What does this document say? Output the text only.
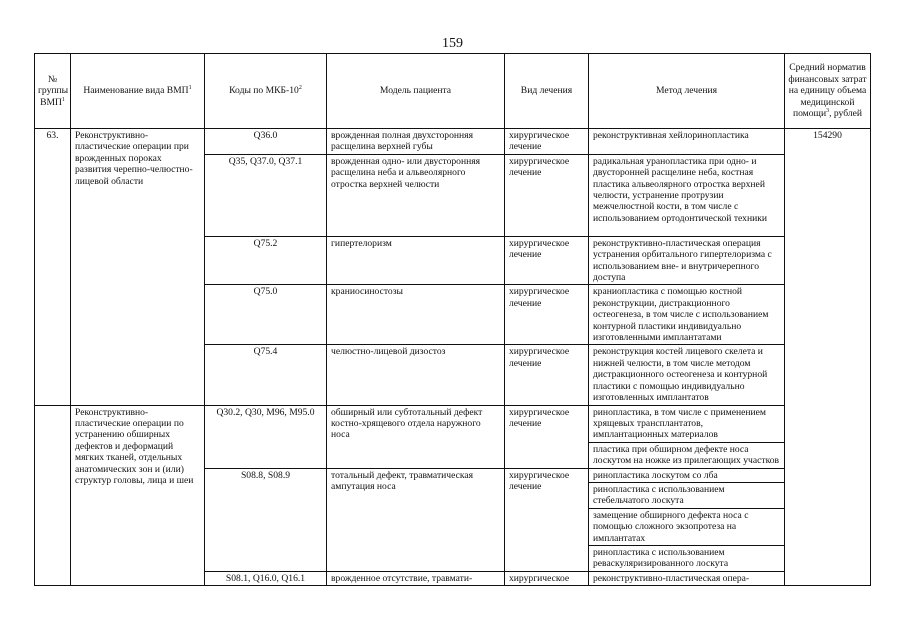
159
№ группы ВМП$^1$	Наименование вида ВМП$^1$	Коды по МКБ-$10^2$	Модель пациента	Вид лечения	Метод лечения	Средний норматив финансовых затрат на единицу объема медицинской помощи$^3$, рублей
63.	Реконструктивно-пластические операции при врожденных пороках развития черепно-челюстно-лицевой области	Q36.0	врожденная полная двухсторонняя расщелина верхней губы	хирургическое лечение	реконструктивная хейлоринопластика	154290
		Q35, Q37.0, Q37.1	врожденная одно- или двусторонняя расщелина неба и альвеолярного отростка верхней челюсти	хирургическое лечение	радикальная уранопластика при одно- и двусторонней расщелине неба, костная пластика альвеолярного отростка верхней челюсти, устранение протрузии межчелюстной кости, в том числе с использованием ортодонтической техники	
		Q75.2	гипертелоризм	хирургическое лечение	реконструктивно-пластическая операция устранения орбитального гипертелоризма с использованием вне- и внутричерепного доступа	
		Q75.0	краниосиностозы	хирургическое лечение	краниопластика с помощью костной реконструкции, дистракционного остеогенеза, в том числе с использованием контурной пластики индивидуально изготовленными имплантатами	
		Q75.4	челюстно-лицевой дизостоз	хирургическое лечение	реконструкция костей лицевого скелета и нижней челюсти, в том числе методом дистракционного остеогенеза и контурной пластики с помощью индивидуально изготовленных имплантатов	
	Реконструктивно-пластические операции по устранению обширных дефектов и деформаций мягких тканей, отдельных анатомических зон и (или) структур головы, лица и шеи	Q30.2, Q30, M96, M95.0	обширный или субтотальный дефект костно-хрящевого отдела наружного носа	хирургическое лечение	ринопластика, в том числе с применением хрящевых трансплантатов, имплантационных материалов	
					пластика при обширном дефекте носа лоскутом на ножке из прилегающих участков	
		S08.8, S08.9	тотальный дефект, травматическая ампутация носа	хирургическое лечение	ринопластика лоскутом со лба	
					ринопластика с использованием стебельчатого лоскута	
					замещение обширного дефекта носа с помощью сложного экзопротеза на имплантатах	
					ринопластика с использованием реваскуляризированного лоскута	
		S08.1, Q16.0, Q16.1	врожденное отсутствие, травмати-	хирургическое	реконструктивно-пластическая опера-	
